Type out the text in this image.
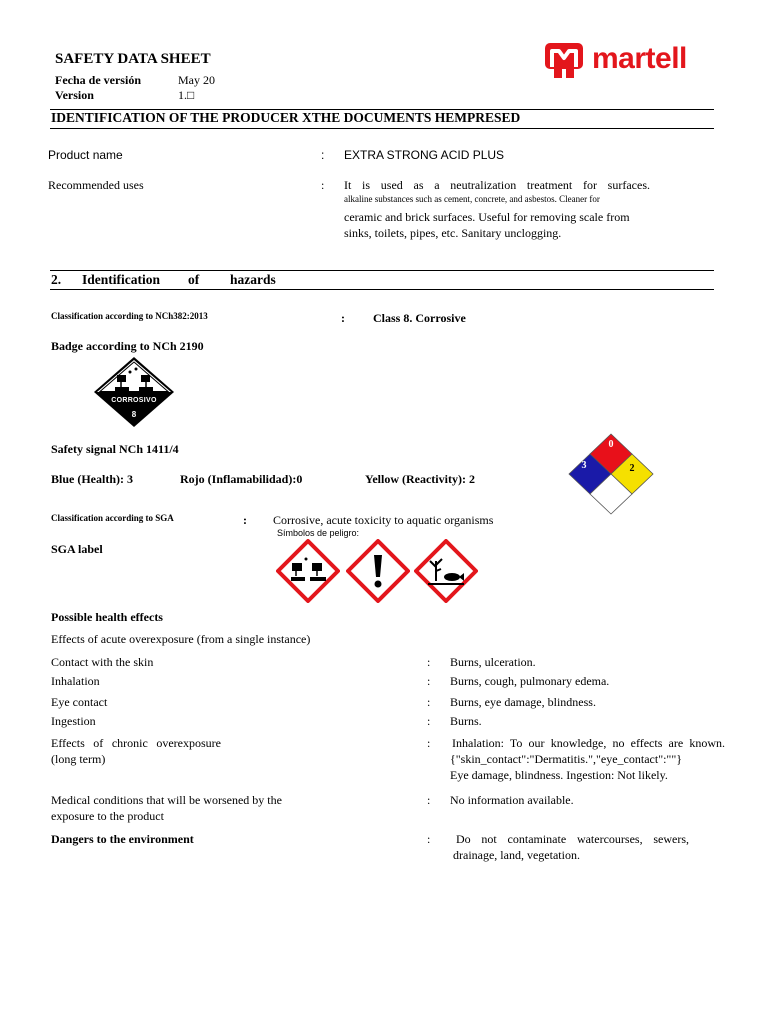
SAFETY DATA SHEET
Fecha de versión	May 20
Version	1.□
martell
IDENTIFICATION OF THE PRODUCER XTHE DOCUMENTS HEMPRESED
Product name	: EXTRA STRONG ACID PLUS
Recommended uses	: It is used as a neutralization treatment for surfaces.
alkaline substances such as cement, concrete, and asbestos. Cleaner for
ceramic and brick surfaces. Useful for removing scale from
sinks, toilets, pipes, etc. Sanitary unclogging.
2. Identification of hazards
Classification according to NCh382:2013	: Class 8. Corrosive
Badge according to NCh 2190
CORROSIVO
8
Safety signal NCh 1411/4
Blue (Health): 3	Rojo (Inflamabilidad):0	Yellow (Reactivity): 2
0
3	2
Classification according to SGA	: Corrosive, acute toxicity to aquatic organisms
SGA label
Símbolos de peligro:
Possible health effects
Effects of acute overexposure (from a single instance)
Contact with the skin	: Burns, ulceration.
Inhalation	: Burns, cough, pulmonary edema.
Eye contact	: Burns, eye damage, blindness.
Ingestion	: Burns.
Effects of chronic overexposure
(long term)
: Inhalation: To our knowledge, no effects are known.
{"skin_contact":"Dermatitis.","eye_contact":""}
Eye damage, blindness. Ingestion: Not likely.
Medical conditions that will be worsened by the
exposure to the product
: No information available.
Dangers to the environment	: Do not contaminate watercourses, sewers,
drainage, land, vegetation.
